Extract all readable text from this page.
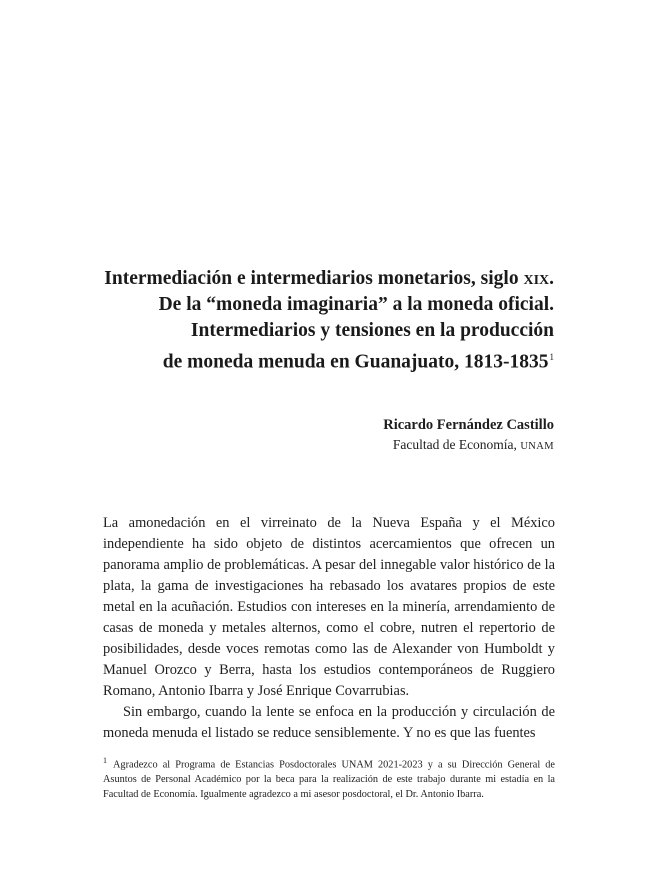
Intermediación e intermediarios monetarios, siglo xix.
De la “moneda imaginaria” a la moneda oficial.
Intermediarios y tensiones en la producción
de moneda menuda en Guanajuato, 1813-1835$^1$
Ricardo Fernández Castillo
Facultad de Economía, UNAM

La amonedación en el virreinato de la Nueva España y el México independiente ha sido objeto de distintos acercamientos que ofrecen un panorama amplio de problemáticas. A pesar del innegable valor histórico de la plata, la gama de investigaciones ha rebasado los avatares propios de este metal en la acuñación. Estudios con intereses en la minería, arrendamiento de casas de moneda y metales alternos, como el cobre, nutren el repertorio de posibilidades, desde voces remotas como las de Alexander von Humboldt y Manuel Orozco y Berra, hasta los estudios contemporáneos de Ruggiero Romano, Antonio Ibarra y José Enrique Covarrubias.

Sin embargo, cuando la lente se enfoca en la producción y circulación de moneda menuda el listado se reduce sensiblemente. Y no es que las fuentes

$^1$ Agradezco al Programa de Estancias Posdoctorales UNAM 2021-2023 y a su Dirección General de Asuntos de Personal Académico por la beca para la realización de este trabajo durante mi estadía en la Facultad de Economía. Igualmente agradezco a mi asesor posdoctoral, el Dr. Antonio Ibarra.
